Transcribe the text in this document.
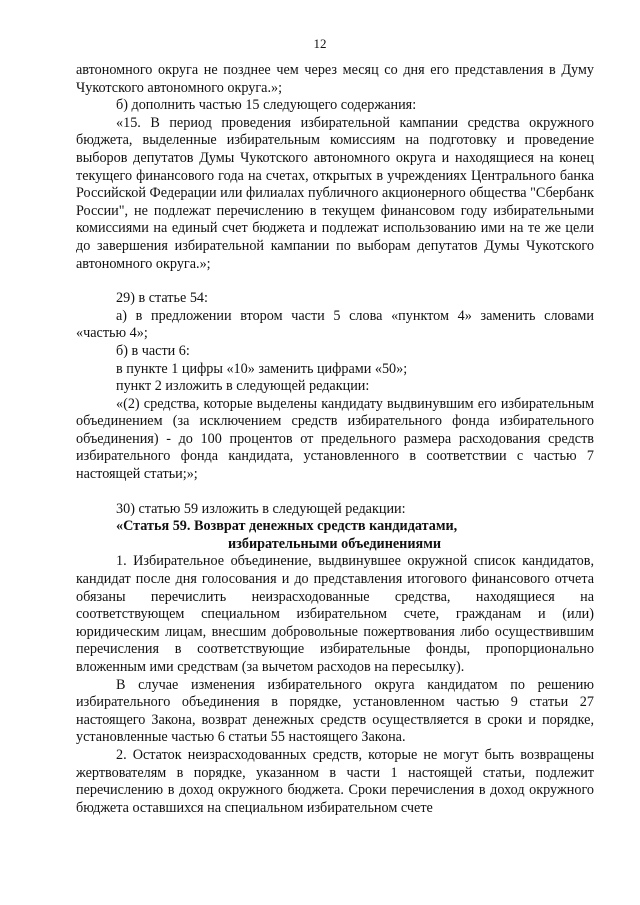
12

автономного округа не позднее чем через месяц со дня его представления в Думу Чукотского автономного округа.»;

б) дополнить частью 15 следующего содержания:

«15. В период проведения избирательной кампании средства окружного бюджета, выделенные избирательным комиссиям на подготовку и проведение выборов депутатов Думы Чукотского автономного округа и находящиеся на конец текущего финансового года на счетах, открытых в учреждениях Центрального банка Российской Федерации или филиалах публичного акционерного общества "Сбербанк России", не подлежат перечислению в текущем финансовом году избирательными комиссиями на единый счет бюджета и подлежат использованию ими на те же цели до завершения избирательной кампании по выборам депутатов Думы Чукотского автономного округа.»;

29) в статье 54:

а) в предложении втором части 5 слова «пунктом 4» заменить словами «частью 4»;

б) в части 6:

в пункте 1 цифры «10» заменить цифрами «50»;

пункт 2 изложить в следующей редакции:

«(2) средства, которые выделены кандидату выдвинувшим его избирательным объединением (за исключением средств избирательного фонда избирательного объединения) - до 100 процентов от предельного размера расходования средств избирательного фонда кандидата, установленного в соответствии с частью 7 настоящей статьи;»;

30) статью 59 изложить в следующей редакции:

«Статья 59. Возврат денежных средств кандидатами,
избирательными объединениями

1. Избирательное объединение, выдвинувшее окружной список кандидатов, кандидат после дня голосования и до представления итогового финансового отчета обязаны перечислить неизрасходованные средства, находящиеся на соответствующем специальном избирательном счете, гражданам и (или) юридическим лицам, внесшим добровольные пожертвования либо осуществившим перечисления в соответствующие избирательные фонды, пропорционально вложенным ими средствам (за вычетом расходов на пересылку).

В случае изменения избирательного округа кандидатом по решению избирательного объединения в порядке, установленном частью 9 статьи 27 настоящего Закона, возврат денежных средств осуществляется в сроки и порядке, установленные частью 6 статьи 55 настоящего Закона.

2. Остаток неизрасходованных средств, которые не могут быть возвращены жертвователям в порядке, указанном в части 1 настоящей статьи, подлежит перечислению в доход окружного бюджета. Сроки перечисления в доход окружного бюджета оставшихся на специальном избирательном счете
